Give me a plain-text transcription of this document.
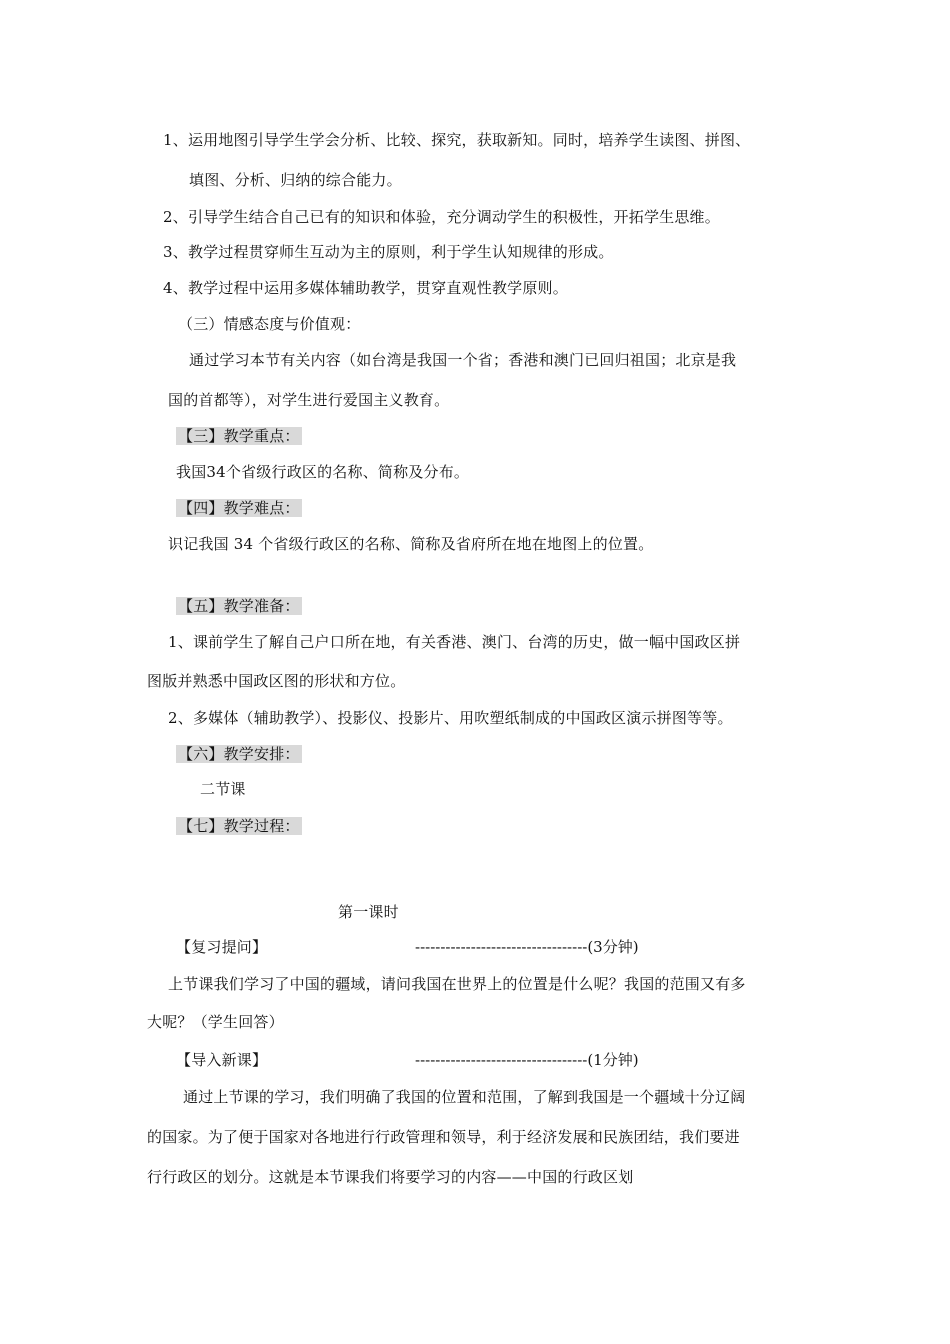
1、运用地图引导学生学会分析、比较、探究，获取新知。同时，培养学生读图、拼图、
填图、分析、归纳的综合能力。
2、引导学生结合自己已有的知识和体验，充分调动学生的积极性，开拓学生思维。
3、教学过程贯穿师生互动为主的原则，利于学生认知规律的形成。
4、教学过程中运用多媒体辅助教学，贯穿直观性教学原则。
（三）情感态度与价值观：
通过学习本节有关内容（如台湾是我国一个省；香港和澳门已回归祖国；北京是我
国的首都等），对学生进行爱国主义教育。
【三】教学重点：
我国34个省级行政区的名称、简称及分布。
【四】教学难点：
识记我国 34 个省级行政区的名称、简称及省府所在地在地图上的位置。
【五】教学准备：
1、课前学生了解自己户口所在地，有关香港、澳门、台湾的历史，做一幅中国政区拼
图版并熟悉中国政区图的形状和方位。
2、多媒体（辅助教学）、投影仪、投影片、用吹塑纸制成的中国政区演示拼图等等。
【六】教学安排：
二节课
【七】教学过程：
第一课时
【复习提问】	----------------------------------(3分钟)
上节课我们学习了中国的疆域，请问我国在世界上的位置是什么呢？我国的范围又有多
大呢？（学生回答）
【导入新课】	----------------------------------(1分钟)
通过上节课的学习，我们明确了我国的位置和范围，了解到我国是一个疆域十分辽阔
的国家。为了便于国家对各地进行行政管理和领导，利于经济发展和民族团结，我们要进
行行政区的划分。这就是本节课我们将要学习的内容——中国的行政区划
